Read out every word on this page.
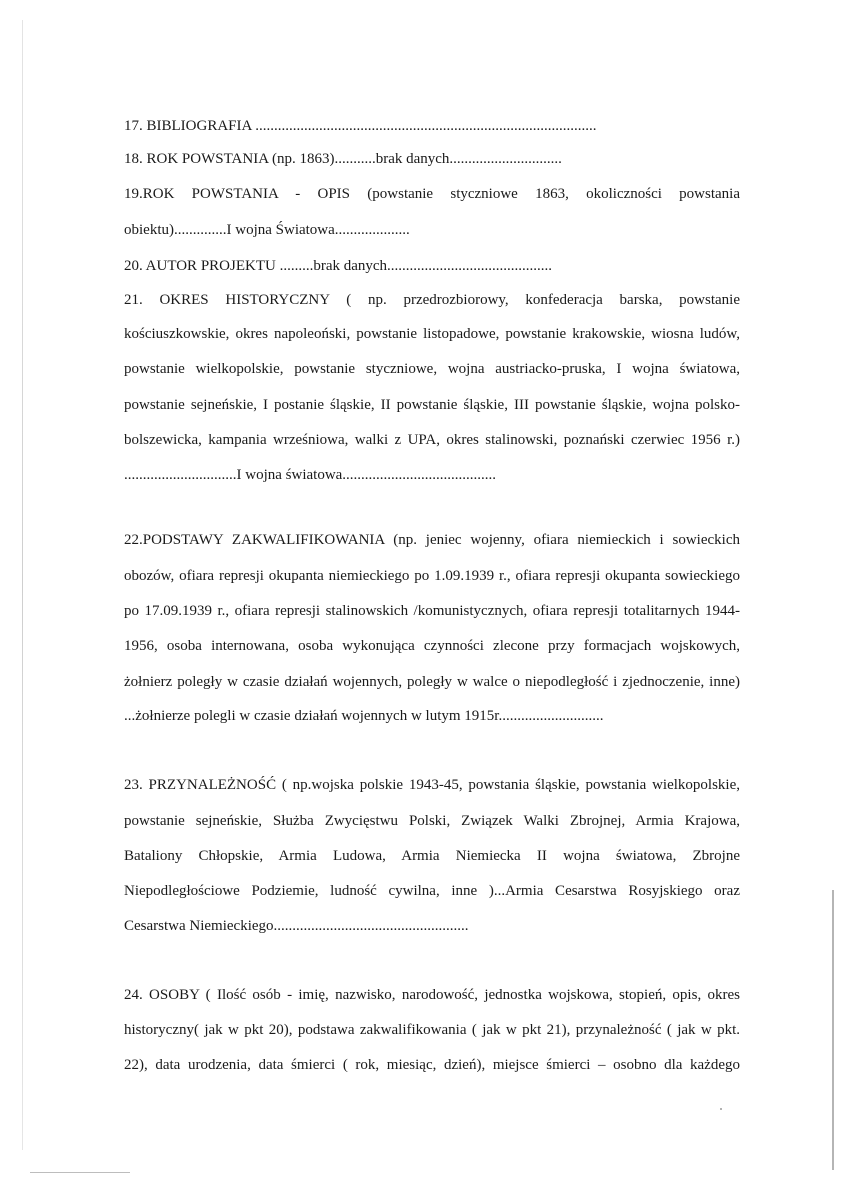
17. BIBLIOGRAFIA ...........................................................................................
18. ROK POWSTANIA (np. 1863)...........brak danych..............................
19.ROK POWSTANIA - OPIS (powstanie styczniowe 1863, okoliczności powstania
obiektu)..............I wojna Światowa....................
20. AUTOR PROJEKTU .........brak danych............................................
21. OKRES HISTORYCZNY ( np. przedrozbiorowy, konfederacja barska, powstanie
kościuszkowskie, okres napoleoński, powstanie listopadowe, powstanie krakowskie, wiosna ludów,
powstanie wielkopolskie, powstanie styczniowe, wojna austriacko-pruska, I wojna światowa,
powstanie sejneńskie, I postanie śląskie, II powstanie śląskie, III powstanie śląskie, wojna polsko-
bolszewicka, kampania wrześniowa, walki z UPA, okres stalinowski, poznański czerwiec 1956 r.)
..............................I wojna światowa.........................................
22.PODSTAWY ZAKWALIFIKOWANIA (np. jeniec wojenny, ofiara niemieckich i sowieckich
obozów, ofiara represji okupanta niemieckiego po 1.09.1939 r., ofiara represji okupanta sowieckiego
po 17.09.1939 r., ofiara represji stalinowskich /komunistycznych, ofiara represji totalitarnych 1944-
1956, osoba internowana, osoba wykonująca czynności zlecone przy formacjach wojskowych,
żołnierz poległy w czasie działań wojennych, poległy w walce o niepodległość i zjednoczenie, inne)
...żołnierze polegli w czasie działań wojennych w lutym 1915r............................
23. PRZYNALEŻNOŚĆ ( np.wojska polskie 1943-45, powstania śląskie, powstania wielkopolskie,
powstanie sejneńskie, Służba Zwycięstwu Polski, Związek Walki Zbrojnej, Armia Krajowa,
Bataliony Chłopskie, Armia Ludowa, Armia Niemiecka II wojna światowa, Zbrojne
Niepodległościowe Podziemie, ludność cywilna, inne )...Armia Cesarstwa Rosyjskiego oraz
Cesarstwa Niemieckiego....................................................
24. OSOBY ( Ilość osób - imię, nazwisko, narodowość, jednostka wojskowa, stopień, opis, okres
historyczny( jak w pkt 20), podstawa zakwalifikowania ( jak w pkt 21), przynależność ( jak w pkt.
22), data urodzenia, data śmierci ( rok, miesiąc, dzień), miejsce śmierci – osobno dla każdego
